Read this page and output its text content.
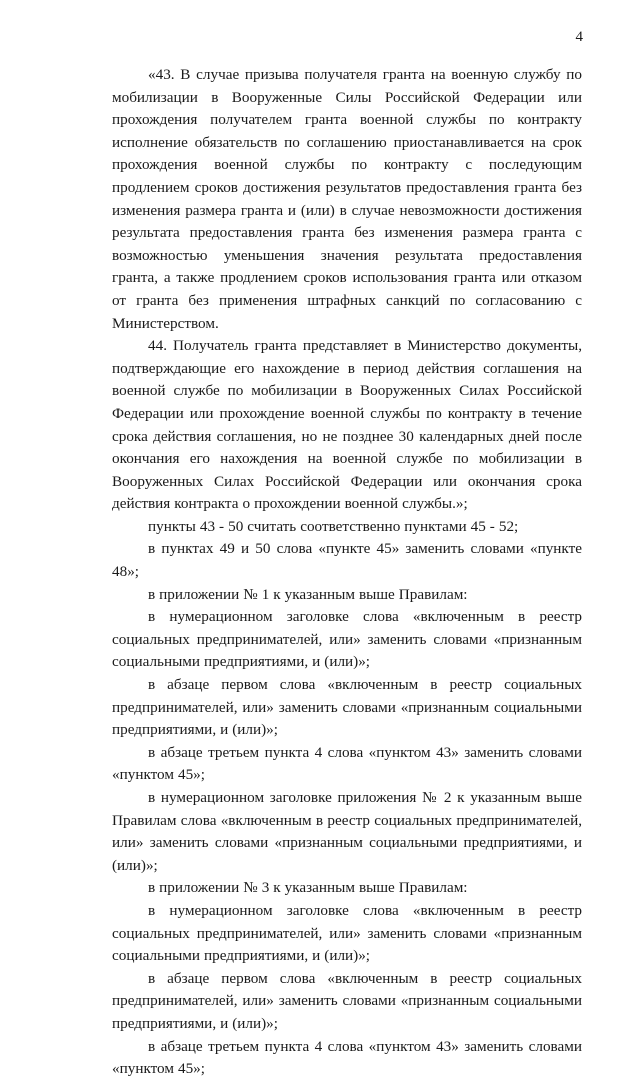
4

«43. В случае призыва получателя гранта на военную службу по мобилизации в Вооруженные Силы Российской Федерации или прохождения получателем гранта военной службы по контракту исполнение обязательств по соглашению приостанавливается на срок прохождения военной службы по контракту с последующим продлением сроков достижения результатов предоставления гранта без изменения размера гранта и (или) в случае невозможности достижения результата предоставления гранта без изменения размера гранта с возможностью уменьшения значения результата предоставления гранта, а также продлением сроков использования гранта или отказом от гранта без применения штрафных санкций по согласованию с Министерством.

44. Получатель гранта представляет в Министерство документы, подтверждающие его нахождение в период действия соглашения на военной службе по мобилизации в Вооруженных Силах Российской Федерации или прохождение военной службы по контракту в течение срока действия соглашения, но не позднее 30 календарных дней после окончания его нахождения на военной службе по мобилизации в Вооруженных Силах Российской Федерации или окончания срока действия контракта о прохождении военной службы.»;

пункты 43 - 50 считать соответственно пунктами 45 - 52;

в пунктах 49 и 50 слова «пункте 45» заменить словами «пункте 48»;

в приложении № 1 к указанным выше Правилам:

в нумерационном заголовке слова «включенным в реестр социальных предпринимателей, или» заменить словами «признанным социальными предприятиями, и (или)»;

в абзаце первом слова «включенным в реестр социальных предпринимателей, или» заменить словами «признанным социальными предприятиями, и (или)»;

в абзаце третьем пункта 4 слова «пунктом 43» заменить словами «пунктом 45»;

в нумерационном заголовке приложения № 2 к указанным выше Правилам слова «включенным в реестр социальных предпринимателей, или» заменить словами «признанным социальными предприятиями, и (или)»;

в приложении № 3 к указанным выше Правилам:

в нумерационном заголовке слова «включенным в реестр социальных предпринимателей, или» заменить словами «признанным социальными предприятиями, и (или)»;

в абзаце первом слова «включенным в реестр социальных предпринимателей, или» заменить словами «признанным социальными предприятиями, и (или)»;

в абзаце третьем пункта 4 слова «пунктом 43» заменить словами «пунктом 45»;
